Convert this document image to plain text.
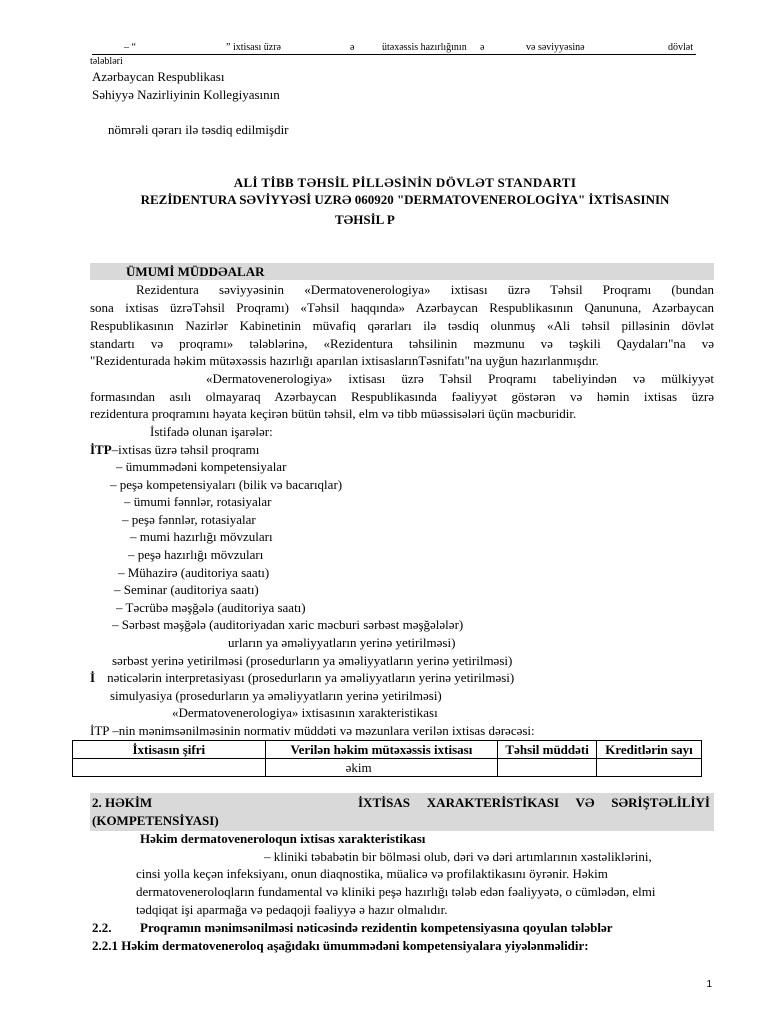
– “	” ixtisası üzrə	ə	ütəxəssis hazırlığının ə	və səviyyəsinə	dövlət
tələbləri
Azərbaycan Respublikası
Səhiyyə Nazirliyinin Kollegiyasının
nömrəli qərarı ilə təsdiq edilmişdir
ALİ TİBB TƏHSİL PİLLƏSİNİN DÖVLƏT STANDARTI
REZİDENTURA SƏVİYYƏSİ UZRƏ 060920 "DERMATOVENEROLOGİYA" İXTİSASININ
TƏHSİL P
ÜMUMİ MÜDDƏALAR
Rezidentura səviyyəsinin «Dermatovenerologiya» ixtisası üzrə Təhsil Proqramı (bundan
sona ixtisas üzrəTəhsil Proqramı) «Təhsil haqqında» Azərbaycan Respublikasının Qanununa, Azərbaycan
Respublikasının Nazirlər Kabinetinin müvafiq qərarları ilə təsdiq olunmuş «Ali təhsil pilləsinin dövlət
standartı və proqramı» tələblərinə, «Rezidentura təhsilinin məzmunu və təşkili Qaydaları"na və
"Rezidenturada həkim mütəxəssis hazırlığı aparılan ixtisaslarınTəsnifatı"na uyğun hazırlanmışdır.
«Dermatovenerologiya» ixtisası üzrə Təhsil Proqramı tabeliyindən və mülkiyyət
formasından asılı olmayaraq Azərbaycan Respublikasında fəaliyyət göstərən və həmin ixtisas üzrə
rezidentura proqramını həyata keçirən bütün təhsil, elm və tibb müəssisələri üçün məcburidir.
İstifadə olunan işarələr:
İTP–ixtisas üzrə təhsil proqramı
– ümummədəni kompetensiyalar
– peşə kompetensiyaları (bilik və bacarıqlar)
– ümumi fənnlər, rotasiyalar
– peşə fənnlər, rotasiyalar
– mumi hazırlığı mövzuları
– peşə hazırlığı mövzuları
– Mühazirə (auditoriya saatı)
– Seminar (auditoriya saatı)
– Təcrübə məşğələ (auditoriya saatı)
– Sərbəst məşğələ (auditoriyadan xaric məcburi sərbəst məşğələlər)
urların ya əməliyyatların yerinə yetirilməsi)
sərbəst yerinə yetirilməsi (prosedurların ya əməliyyatların yerinə yetirilməsi)
İ nəticələrin interpretasiyası (prosedurların ya əməliyyatların yerinə yetirilməsi)
simulyasiya (prosedurların ya əməliyyatların yerinə yetirilməsi)
«Dermatovenerologiya» ixtisasının xarakteristikası
İTP –nin mənimsənilməsinin normativ müddəti və məzunlara verilən ixtisas dərəcəsi:
İxtisasın şifri	Verilən həkim mütəxəssis ixtisası	Təhsil müddəti	Kreditlərin sayı
	əkim		
2. HƏKİM	İXTİSAS XARAKTERİSTİKASI VƏ SƏRİŞTƏLİLİYİ
(KOMPETENSİYASI)
Həkim dermatovenerolоqun ixtisas xarakteristikası
– kliniki təbabətin bir bölməsi olub, dəri və dəri artımlarının xəstəliklərini,
cinsi yolla keçən infeksiyanı, onun diaqnostika, müalicə və profilaktikasını öyrənir. Həkim
dermatovenerolоqların fundamental və kliniki peşə hazırlığı tələb edən fəaliyyətə, o cümlədən, elmi
tədqiqat işi aparmağa və pedaqoji fəaliyyə ə hazır olmalıdır.
2.2. Proqramın mənimsənilməsi nəticəsində rezidentin kompetensiyasına qoyulan tələblər
2.2.1 Həkim dermatovenerolоq aşağıdakı ümummədəni kompetensiyalara yiyələnməlidir:
1
